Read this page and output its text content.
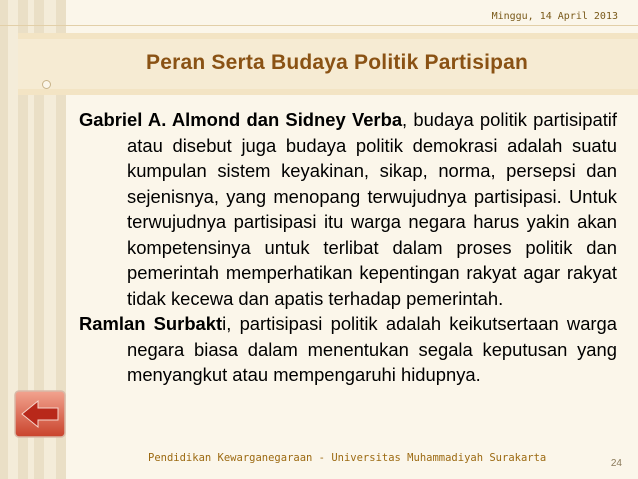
Minggu, 14 April 2013
Peran Serta Budaya Politik Partisipan

Gabriel A. Almond dan Sidney Verba, budaya politik partisipatif atau disebut juga budaya politik demokrasi adalah suatu kumpulan sistem keyakinan, sikap, norma, persepsi dan sejenisnya, yang menopang terwujudnya partisipasi. Untuk terwujudnya partisipasi itu warga negara harus yakin akan kompetensinya untuk terlibat dalam proses politik dan pemerintah memperhatikan kepentingan rakyat agar rakyat tidak kecewa dan apatis terhadap pemerintah.

Ramlan Surbakti, partisipasi politik adalah keikutsertaan warga negara biasa dalam menentukan segala keputusan yang menyangkut atau mempengaruhi hidupnya.

Pendidikan Kewarganegaraan - Universitas Muhammadiyah Surakarta	24
